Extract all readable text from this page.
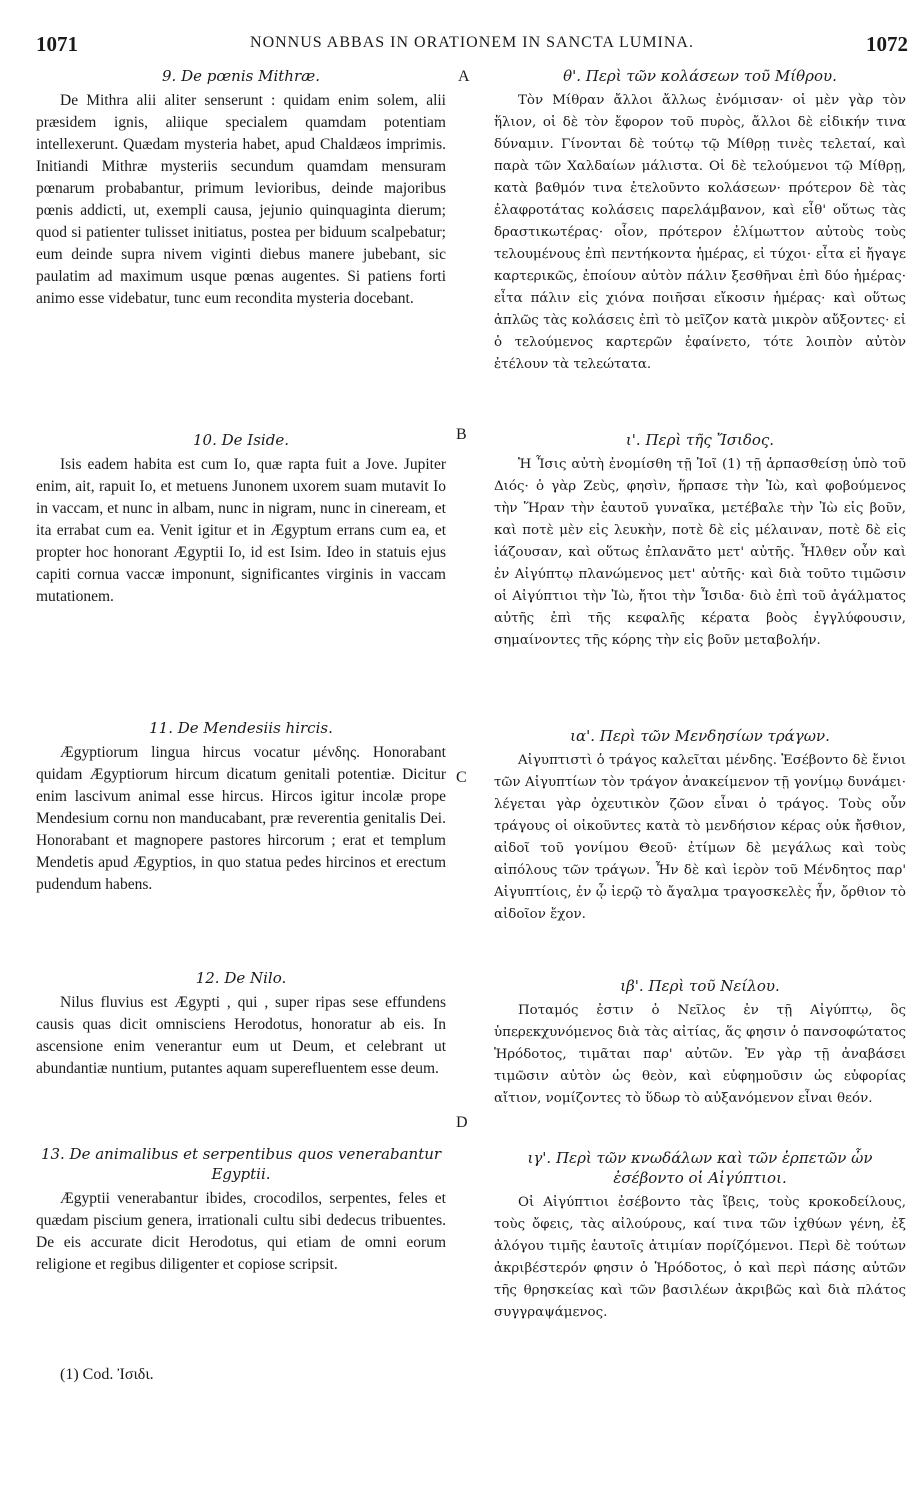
1071	NONNUS ABBAS IN ORATIONEM IN SANCTA LUMINA.	1072
A
B
C
D

9. De pœnis Mithræ.

De Mithra alii aliter senserunt : quidam enim solem, alii præsidem ignis, aliique specialem quamdam potentiam intellexerunt. Quædam mysteria habet, apud Chaldæos imprimis. Initiandi Mithræ mysteriis secundum quamdam mensuram pœnarum probabantur, primum levioribus, deinde majoribus pœnis addicti, ut, exempli causa, jejunio quinquaginta dierum; quod si patienter tulisset initiatus, postea per biduum scalpebatur; eum deinde supra nivem viginti diebus manere jubebant, sic paulatim ad maximum usque pœnas augentes. Si patiens forti animo esse videbatur, tunc eum recondita mysteria docebant.

10. De Iside.

Isis eadem habita est cum Io, quæ rapta fuit a Jove. Jupiter enim, ait, rapuit Io, et metuens Junonem uxorem suam mutavit Io in vaccam, et nunc in albam, nunc in nigram, nunc in cineream, et ita errabat cum ea. Venit igitur et in Ægyptum errans cum ea, et propter hoc honorant Ægyptii Io, id est Isim. Ideo in statuis ejus capiti cornua vaccæ imponunt, significantes virginis in vaccam mutationem.

11. De Mendesiis hircis.

Ægyptiorum lingua hircus vocatur μένδης. Honorabant quidam Ægyptiorum hircum dicatum genitali potentiæ. Dicitur enim lascivum animal esse hircus. Hircos igitur incolæ prope Mendesium cornu non manducabant, præ reverentia genitalis Dei. Honorabant et magnopere pastores hircorum ; erat et templum Mendetis apud Ægyptios, in quo statua pedes hircinos et erectum pudendum habens.

12. De Nilo.

Nilus fluvius est Ægypti , qui , super ripas sese effundens causis quas dicit omnisciens Herodotus, honoratur ab eis. In ascensione enim venerantur eum ut Deum, et celebrant ut abundantiæ nuntium, putantes aquam superefluentem esse deum.

13. De animalibus et serpentibus quos venerabantur Egyptii.

Ægyptii venerabantur ibides, crocodilos, serpentes, feles et quædam piscium genera, irrationali cultu sibi dedecus tribuentes. De eis accurate dicit Herodotus, qui etiam de omni eorum religione et regibus diligenter et copiose scripsit.

θ'. Περὶ τῶν κολάσεων τοῦ Μίθρου.

Τὸν Μίθραν ἄλλοι ἄλλως ἐνόμισαν· οἱ μὲν γὰρ τὸν ἥλιον, οἱ δὲ τὸν ἔφορον τοῦ πυρὸς, ἄλλοι δὲ εἰδικήν τινα δύναμιν. Γίνονται δὲ τούτῳ τῷ Μίθρῃ τινὲς τελεταί, καὶ παρὰ τῶν Χαλδαίων μάλιστα. Οἱ δὲ τελούμενοι τῷ Μίθρῃ, κατὰ βαθμόν τινα ἐτελοῦντο κολάσεων· πρότερον δὲ τὰς ἐλαφροτάτας κολάσεις παρελάμβανον, καὶ εἶθ' οὕτως τὰς δραστικωτέρας· οἷον, πρότερον ἐλίμωττον αὐτοὺς τοὺς τελουμένους ἐπὶ πεντήκοντα ἡμέρας, εἰ τύχοι· εἶτα εἰ ἤγαγε καρτερικῶς, ἐποίουν αὐτὸν πάλιν ξεσθῆναι ἐπὶ δύο ἡμέρας· εἶτα πάλιν εἰς χιόνα ποιῆσαι εἴκοσιν ἡμέρας· καὶ οὕτως ἁπλῶς τὰς κολάσεις ἐπὶ τὸ μεῖζον κατὰ μικρὸν αὔξοντες· εἰ ὁ τελούμενος καρτερῶν ἐφαίνετο, τότε λοιπὸν αὐτὸν ἐτέλουν τὰ τελεώτατα.

ι'. Περὶ τῆς Ἴσιδος.

Ἡ Ἶσις αὐτὴ ἐνομίσθη τῇ Ἰοῖ (1) τῇ ἁρπασθείσῃ ὑπὸ τοῦ Διός· ὁ γὰρ Ζεὺς, φησὶν, ἥρπασε τὴν Ἰὼ, καὶ φοβούμενος τὴν Ἥραν τὴν ἑαυτοῦ γυναῖκα, μετέβαλε τὴν Ἰὼ εἰς βοῦν, καὶ ποτὲ μὲν εἰς λευκὴν, ποτὲ δὲ εἰς μέλαιναν, ποτὲ δὲ εἰς ἰάζουσαν, καὶ οὕτως ἐπλανᾶτο μετ' αὐτῆς. Ἦλθεν οὖν καὶ ἐν Αἰγύπτῳ πλανώμενος μετ' αὐτῆς· καὶ διὰ τοῦτο τιμῶσιν οἱ Αἰγύπτιοι τὴν Ἰὼ, ἤτοι τὴν Ἶσιδα· διὸ ἐπὶ τοῦ ἀγάλματος αὐτῆς ἐπὶ τῆς κεφαλῆς κέρατα βοὸς ἐγγλύφουσιν, σημαίνοντες τῆς κόρης τὴν εἰς βοῦν μεταβολήν.

ια'. Περὶ τῶν Μενδησίων τράγων.

Αἰγυπτιστὶ ὁ τράγος καλεῖται μένδης. Ἐσέβοντο δὲ ἔνιοι τῶν Αἰγυπτίων τὸν τράγον ἀνακείμενον τῇ γονίμῳ δυνάμει· λέγεται γὰρ ὀχευτικὸν ζῶον εἶναι ὁ τράγος. Τοὺς οὖν τράγους οἱ οἰκοῦντες κατὰ τὸ μενδήσιον κέρας οὐκ ἤσθιον, αἰδοῖ τοῦ γονίμου Θεοῦ· ἐτίμων δὲ μεγάλως καὶ τοὺς αἰπόλους τῶν τράγων. Ἦν δὲ καὶ ἱερὸν τοῦ Μένδητος παρ' Αἰγυπτίοις, ἐν ᾧ ἱερῷ τὸ ἄγαλμα τραγοσκελὲς ἦν, ὄρθιον τὸ αἰδοῖον ἔχον.

ιβ'. Περὶ τοῦ Νείλου.

Ποταμός ἐστιν ὁ Νεῖλος ἐν τῇ Αἰγύπτῳ, ὃς ὑπερεκχυνόμενος διὰ τὰς αἰτίας, ἅς φησιν ὁ πανσοφώτατος Ἡρόδοτος, τιμᾶται παρ' αὐτῶν. Ἐν γὰρ τῇ ἀναβάσει τιμῶσιν αὐτὸν ὡς θεὸν, καὶ εὐφημοῦσιν ὡς εὐφορίας αἴτιον, νομίζοντες τὸ ὕδωρ τὸ αὐξανόμενον εἶναι θεόν.

ιγ'. Περὶ τῶν κνωδάλων καὶ τῶν ἑρπετῶν ὧν ἐσέβοντο οἱ Αἰγύπτιοι.

Οἱ Αἰγύπτιοι ἐσέβοντο τὰς ἴβεις, τοὺς κροκοδείλους, τοὺς ὄφεις, τὰς αἰλούρους, καί τινα τῶν ἰχθύων γένη, ἐξ ἀλόγου τιμῆς ἑαυτοῖς ἀτιμίαν πορίζόμενοι. Περὶ δὲ τούτων ἀκριβέστερόν φησιν ὁ Ἡρόδοτος, ὁ καὶ περὶ πάσης αὐτῶν τῆς θρησκείας καὶ τῶν βασιλέων ἀκριβῶς καὶ διὰ πλάτος συγγραψάμενος.

(1) Cod. Ἰσιδι.
